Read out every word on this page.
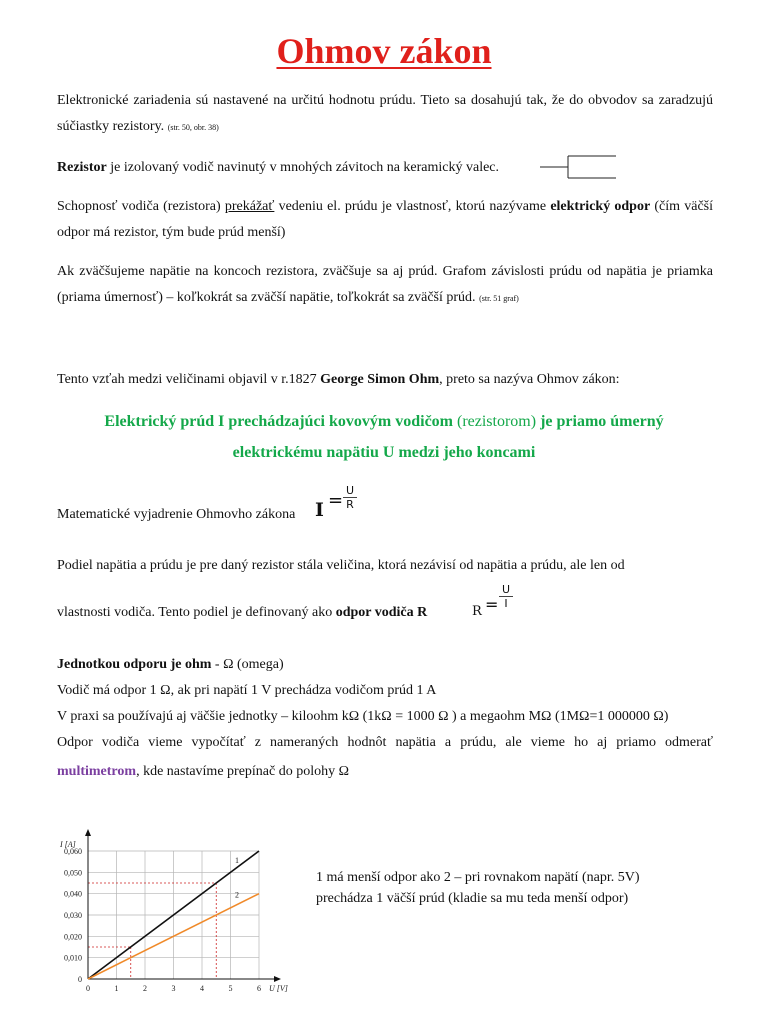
Ohmov zákon
Elektronické zariadenia sú nastavené na určitú hodnotu prúdu. Tieto sa dosahujú tak, že do obvodov sa zaradzujú súčiastky rezistory. (str. 50, obr. 38)
Rezistor je izolovaný vodič navinutý v mnohých závitoch na keramický valec.
Schopnosť vodiča (rezistora) prekážať vedeniu el. prúdu je vlastnosť, ktorú nazývame elektrický odpor (čím väčší odpor má rezistor, tým bude prúd menší)
Ak zväčšujeme napätie na koncoch rezistora, zväčšuje sa aj prúd. Grafom závislosti prúdu od napätia je priamka (priama úmernosť) – koľkokrát sa zväčší napätie, toľkokrát sa zväčší prúd. (str. 51 graf)
Tento vzťah medzi veličinami objavil v r.1827 George Simon Ohm, preto sa nazýva Ohmov zákon:
Elektrický prúd I prechádzajúci kovovým vodičom (rezistorom) je priamo úmerný elektrickému napätiu U medzi jeho koncami
Matematické vyjadrenie Ohmovho zákona	$I = \frac{U}{R}$
Podiel napätia a prúdu je pre daný rezistor stála veličina, ktorá nezávisí od napätia a prúdu, ale len od
vlastnosti vodiča. Tento podiel je definovaný ako odpor vodiča R	$R = \frac{U}{I}$
Jednotkou odporu je ohm - Ω (omega)
Vodič má odpor 1 Ω, ak pri napätí 1 V prechádza vodičom prúd 1 A
V praxi sa používajú aj väčšie jednotky – kiloohm kΩ (1kΩ = 1000 Ω ) a megaohm MΩ (1MΩ=1 000000 Ω)
Odpor vodiča vieme vypočítať z nameraných hodnôt napätia a prúdu, ale vieme ho aj priamo odmerať
multimetrom, kde nastavíme prepínač do polohy Ω
0	1	2	3	4	5	6
0
0,010
0,020
0,030
0,040
0,050
0,060
U [V]
I [A]
1
2
1 má menší odpor ako 2 – pri rovnakom napätí (napr. 5V)
prechádza 1 väčší prúd (kladie sa mu teda menší odpor)
